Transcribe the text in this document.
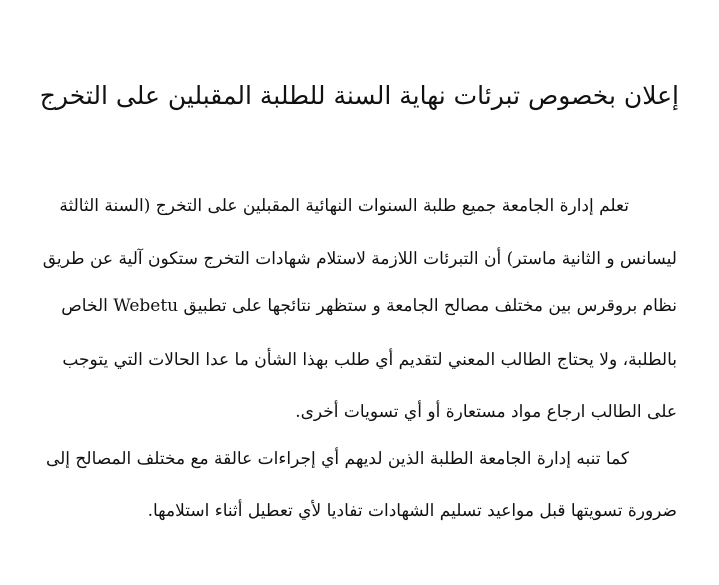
إعلان بخصوص تبرئات نهاية السنة للطلبة المقبلين على التخرج

تعلم إدارة الجامعة جميع طلبة السنوات النهائية المقبلين على التخرج (السنة الثالثة

ليسانس و الثانية ماستر) أن التبرئات اللازمة لاستلام شهادات التخرج ستكون آلية عن طريق

نظام بروقرس بين مختلف مصالح الجامعة و ستظهر نتائجها على تطبيق Webetu الخاص

بالطلبة، ولا يحتاج الطالب المعني لتقديم أي طلب بهذا الشأن ما عدا الحالات التي يتوجب

على الطالب ارجاع مواد مستعارة أو أي تسويات أخرى.

كما تنبه إدارة الجامعة الطلبة الذين لديهم أي إجراءات عالقة مع مختلف المصالح إلى

ضرورة تسويتها قبل مواعيد تسليم الشهادات تفاديا لأي تعطيل أثناء استلامها.
